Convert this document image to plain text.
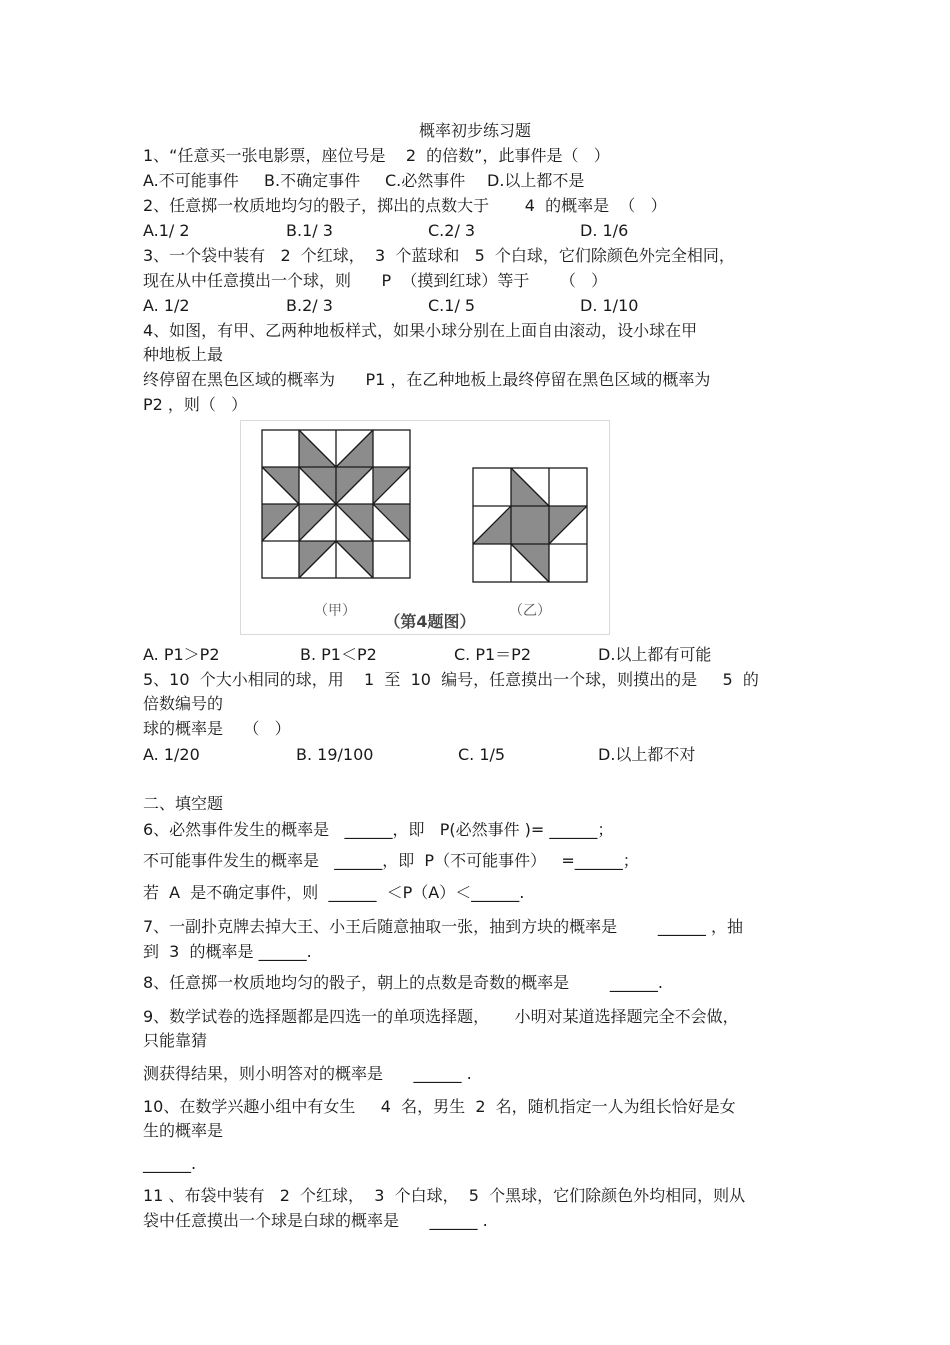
概率初步练习题
1、“任意买一张电影票，座位号是    2  的倍数”，此事件是（   ）
A.不可能事件 B.不确定事件 C.必然事件 D.以上都不是
2、任意掷一枚质地均匀的骰子，掷出的点数大于       4  的概率是  （   ）
A.1/ 2	B.1/ 3	C.2/ 3	D. 1/6
3、一个袋中装有   2  个红球，  3  个蓝球和   5  个白球，它们除颜色外完全相同，
现在从中任意摸出一个球，则      P  （摸到红球）等于      （   ）
A. 1/2	B.2/ 3	C.1/ 5	D. 1/10
4、如图，有甲、乙两种地板样式，如果小球分别在上面自由滚动，设小球在甲
种地板上最
终停留在黑色区域的概率为      P1 ，在乙种地板上最终停留在黑色区域的概率为
P2 ，则（   ）
（甲）	（乙）
（第4题图）
A. P1＞P2	B. P1＜P2	C. P1＝P2	D.以上都有可能
5、10  个大小相同的球，用    1  至  10  编号，任意摸出一个球，则摸出的是     5  的
倍数编号的
球的概率是    （   ）
A. 1/20	B. 19/100	C. 1/5	D.以上都不对
二、填空题
6、必然事件发生的概率是   ______，即   P(必然事件 )= ______；
不可能事件发生的概率是   ______，即  P（不可能事件）   =______；
若  A  是不确定事件，则  ______  ＜P（A）＜______.
7、一副扑克牌去掉大王、小王后随意抽取一张，抽到方块的概率是        ______ ，抽
到  3  的概率是 ______.
8、任意掷一枚质地均匀的骰子，朝上的点数是奇数的概率是        ______.
9、数学试卷的选择题都是四选一的单项选择题，     小明对某道选择题完全不会做，
只能靠猜
测获得结果，则小明答对的概率是      ______ .
10、在数学兴趣小组中有女生     4  名，男生  2  名，随机指定一人为组长恰好是女
生的概率是
______.
11 、布袋中装有   2  个红球，  3  个白球，  5  个黑球，它们除颜色外均相同，则从
袋中任意摸出一个球是白球的概率是      ______ .
